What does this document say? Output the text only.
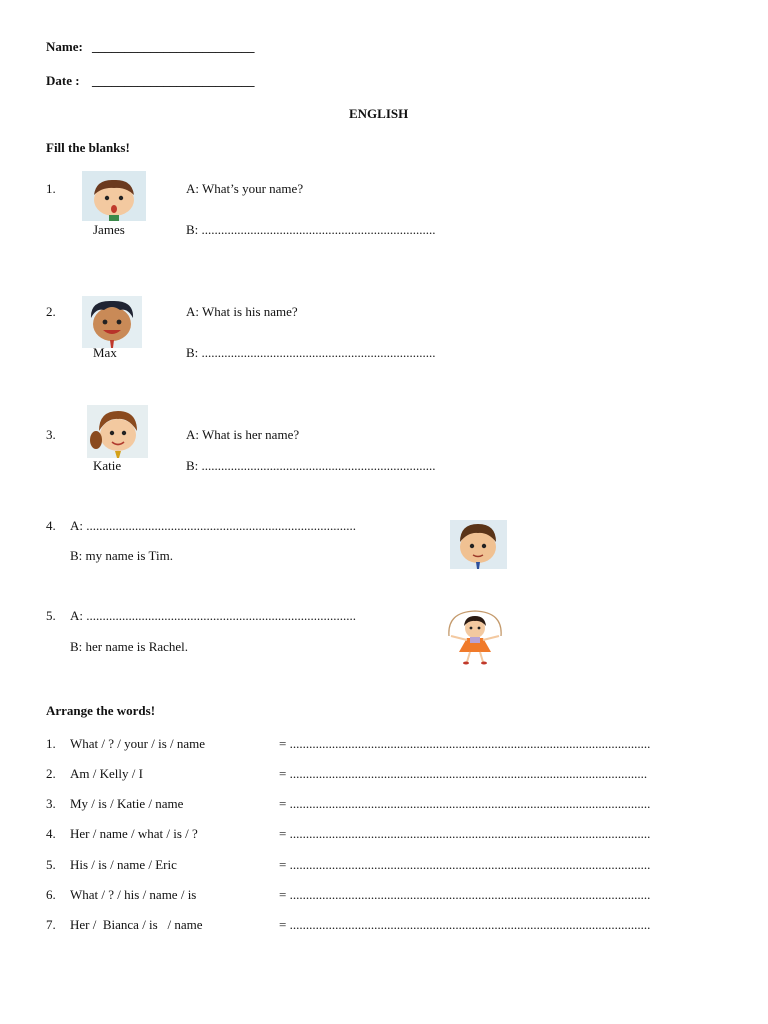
Name: _________________________
Date : _________________________
ENGLISH
Fill the blanks!
1.
James
A: What’s your name?
B: ........................................................................
2.
Max
A: What is his name?
B: ........................................................................
3.
Katie
A: What is her name?
B: ........................................................................
4. A: ...................................................................................
B: my name is Tim.
5. A: ...................................................................................
B: her name is Rachel.
Arrange the words!
1. What / ? / your / is / name	= ...............................................................................................................
2. Am / Kelly / I	= ..............................................................................................................
3. My / is / Katie / name	= ...............................................................................................................
4. Her / name / what / is / ?	= ...............................................................................................................
5. His / is / name / Eric	= ...............................................................................................................
6. What / ? / his / name / is	= ...............................................................................................................
7. Her /  Bianca / is   / name	= ...............................................................................................................
